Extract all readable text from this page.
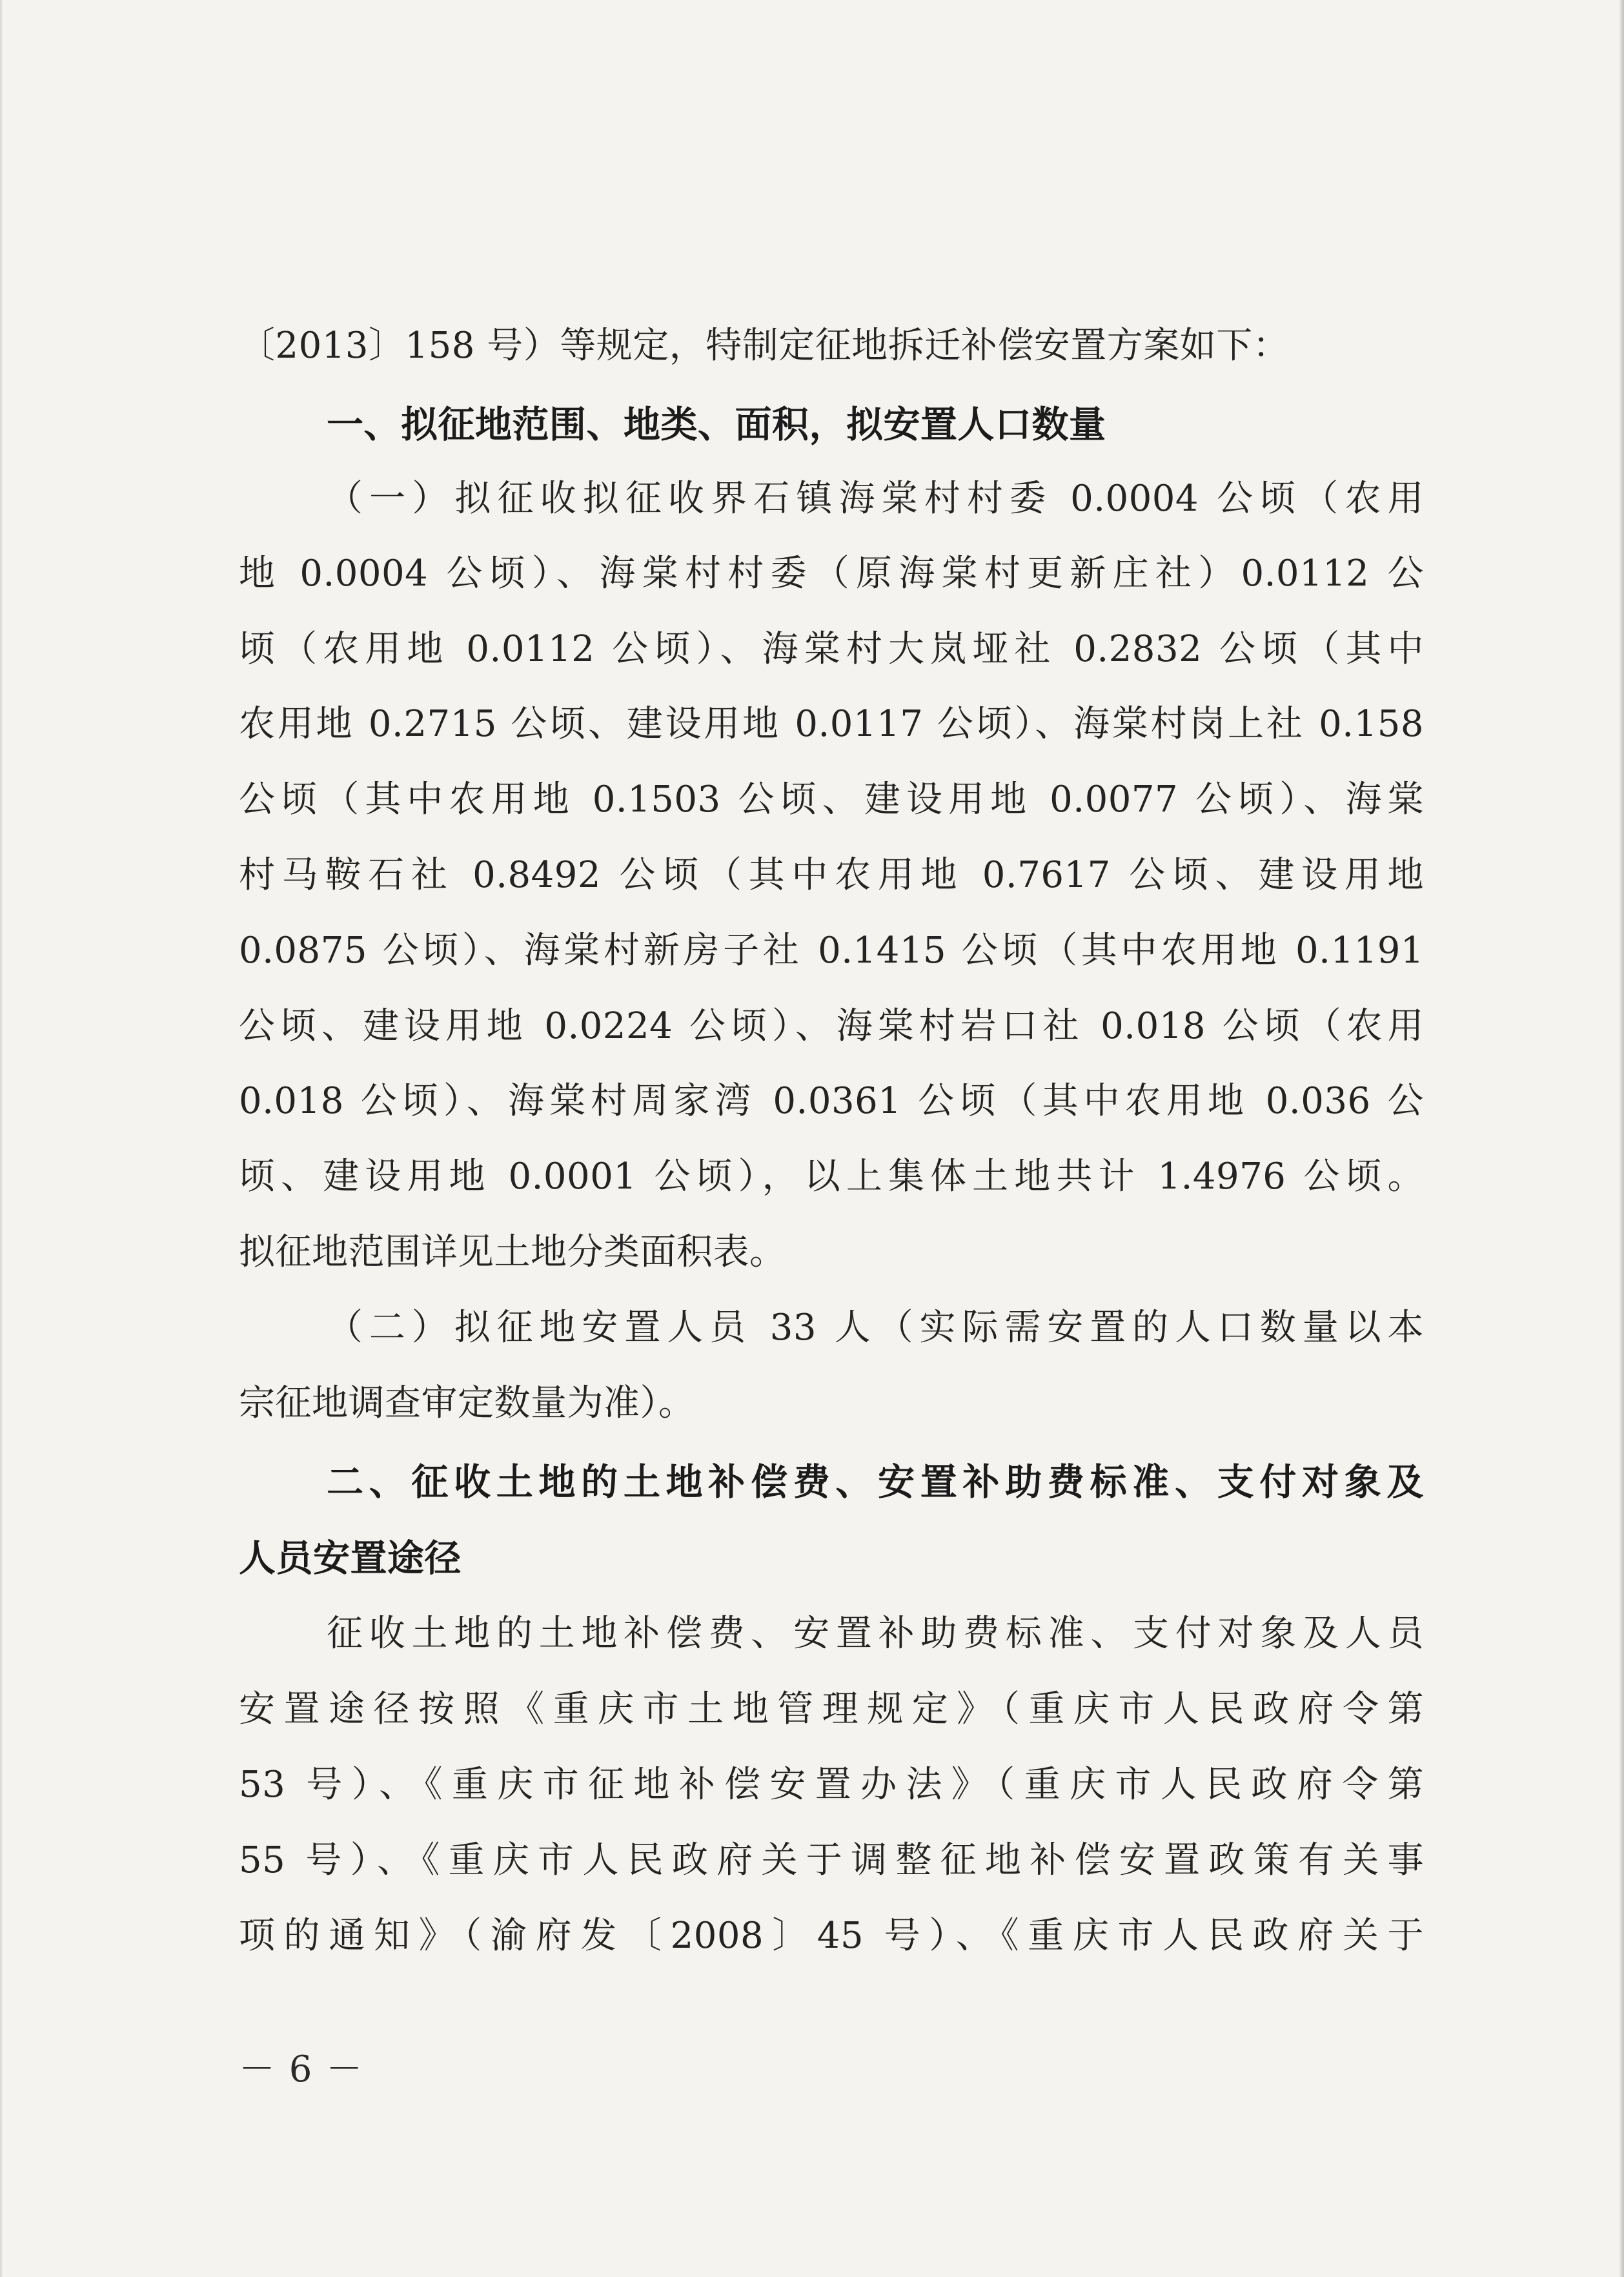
〔2013〕158 号）等规定，特制定征地拆迁补偿安置方案如下：
一、拟征地范围、地类、面积，拟安置人口数量
（一）拟征收拟征收界石镇海棠村村委 0.0004 公顷（农用
地 0.0004 公顷）、海棠村村委（原海棠村更新庄社）0.0112 公
顷（农用地 0.0112 公顷）、海棠村大岚垭社 0.2832 公顷（其中
农用地 0.2715 公顷、建设用地 0.0117 公顷）、海棠村岗上社 0.158
公顷（其中农用地 0.1503 公顷、建设用地 0.0077 公顷）、海棠
村马鞍石社 0.8492 公顷（其中农用地 0.7617 公顷、建设用地
0.0875 公顷）、海棠村新房子社 0.1415 公顷（其中农用地 0.1191
公顷、建设用地 0.0224 公顷）、海棠村岩口社 0.018 公顷（农用
0.018 公顷）、海棠村周家湾 0.0361 公顷（其中农用地 0.036 公
顷、建设用地 0.0001 公顷），以上集体土地共计 1.4976 公顷。
拟征地范围详见土地分类面积表。
（二）拟征地安置人员 33 人（实际需安置的人口数量以本
宗征地调查审定数量为准）。
二、征收土地的土地补偿费、安置补助费标准、支付对象及
人员安置途径
征收土地的土地补偿费、安置补助费标准、支付对象及人员
安置途径按照《重庆市土地管理规定》（重庆市人民政府令第
53 号）、《重庆市征地补偿安置办法》（重庆市人民政府令第
55 号）、《重庆市人民政府关于调整征地补偿安置政策有关事
项的通知》（渝府发〔2008〕45 号）、《重庆市人民政府关于
－ 6 －
